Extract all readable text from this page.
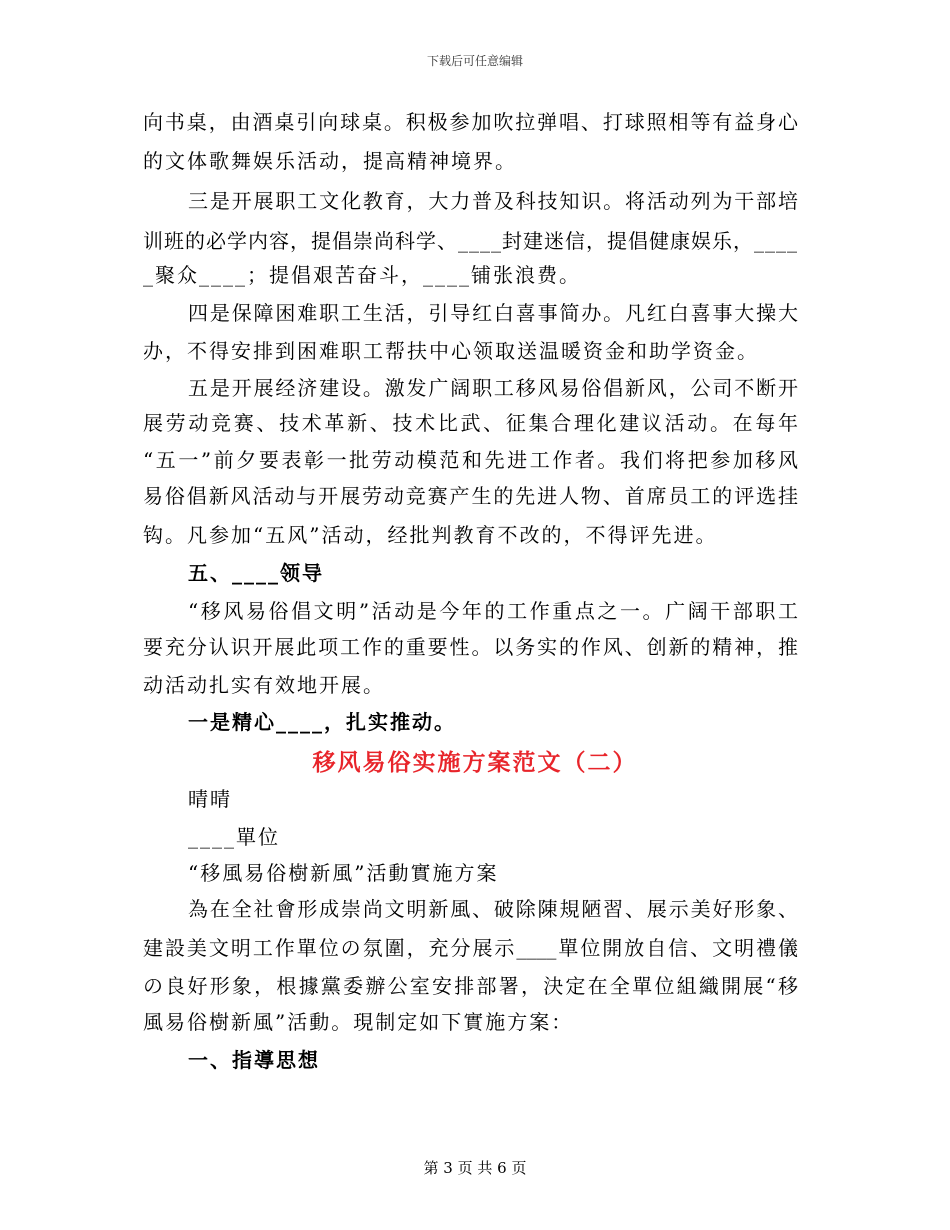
下载后可任意编辑
向书桌，由酒桌引向球桌。积极参加吹拉弹唱、打球照相等有益身心
的文体歌舞娱乐活动，提高精神境界。
三是开展职工文化教育，大力普及科技知识。将活动列为干部培
训班的必学内容，提倡崇尚科学、____封建迷信，提倡健康娱乐，____
_聚众____；提倡艰苦奋斗，____铺张浪费。
四是保障困难职工生活，引导红白喜事简办。凡红白喜事大操大
办，不得安排到困难职工帮扶中心领取送温暖资金和助学资金。
五是开展经济建设。激发广阔职工移风易俗倡新风，公司不断开
展劳动竞赛、技术革新、技术比武、征集合理化建议活动。在每年
“五一”前夕要表彰一批劳动模范和先进工作者。我们将把参加移风
易俗倡新风活动与开展劳动竞赛产生的先进人物、首席员工的评选挂
钩。凡参加“五风”活动，经批判教育不改的，不得评先进。
五、____领导
“移风易俗倡文明”活动是今年的工作重点之一。广阔干部职工
要充分认识开展此项工作的重要性。以务实的作风、创新的精神，推
动活动扎实有效地开展。
一是精心____，扎实推动。
移风易俗实施方案范文（二）
晴晴
____單位
“移風易俗樹新風”活動實施方案
為在全社會形成崇尚文明新風、破除陳規陋習、展示美好形象、
建設美文明工作單位の氛圍，充分展示____單位開放自信、文明禮儀
の良好形象，根據黨委辦公室安排部署，決定在全單位組織開展“移
風易俗樹新風”活動。現制定如下實施方案：
一、指導思想
第 3 页 共 6 页
